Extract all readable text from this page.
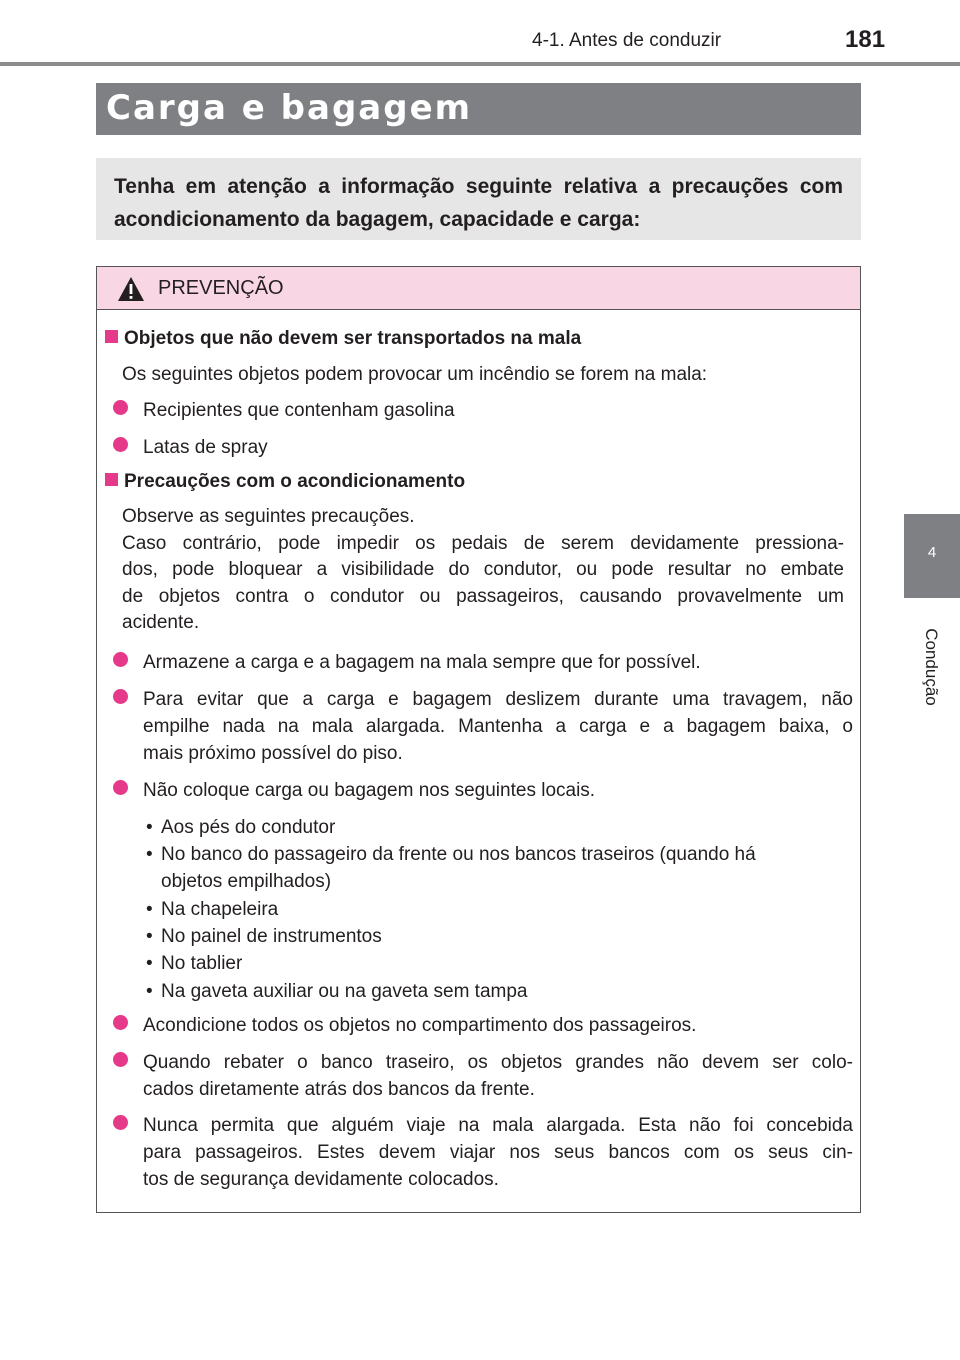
4-1. Antes de conduzir	181
Carga e bagagem
Tenha em atenção a informação seguinte relativa a precauções com acondicionamento da bagagem, capacidade e carga:
4
Condução
PREVENÇÃO
Objetos que não devem ser transportados na mala
Os seguintes objetos podem provocar um incêndio se forem na mala:
Recipientes que contenham gasolina
Latas de spray
Precauções com o acondicionamento
Observe as seguintes precauções.
Caso contrário, pode impedir os pedais de serem devidamente pressiona-
dos, pode bloquear a visibilidade do condutor, ou pode resultar no embate
de objetos contra o condutor ou passageiros, causando provavelmente um
acidente.
Armazene a carga e a bagagem na mala sempre que for possível.
Para evitar que a carga e bagagem deslizem durante uma travagem, não
empilhe nada na mala alargada. Mantenha a carga e a bagagem baixa, o
mais próximo possível do piso.
Não coloque carga ou bagagem nos seguintes locais.
• Aos pés do condutor
• No banco do passageiro da frente ou nos bancos traseiros (quando há
objetos empilhados)
• Na chapeleira
• No painel de instrumentos
• No tablier
• Na gaveta auxiliar ou na gaveta sem tampa
Acondicione todos os objetos no compartimento dos passageiros.
Quando rebater o banco traseiro, os objetos grandes não devem ser colo-
cados diretamente atrás dos bancos da frente.
Nunca permita que alguém viaje na mala alargada. Esta não foi concebida
para passageiros. Estes devem viajar nos seus bancos com os seus cin-
tos de segurança devidamente colocados.
